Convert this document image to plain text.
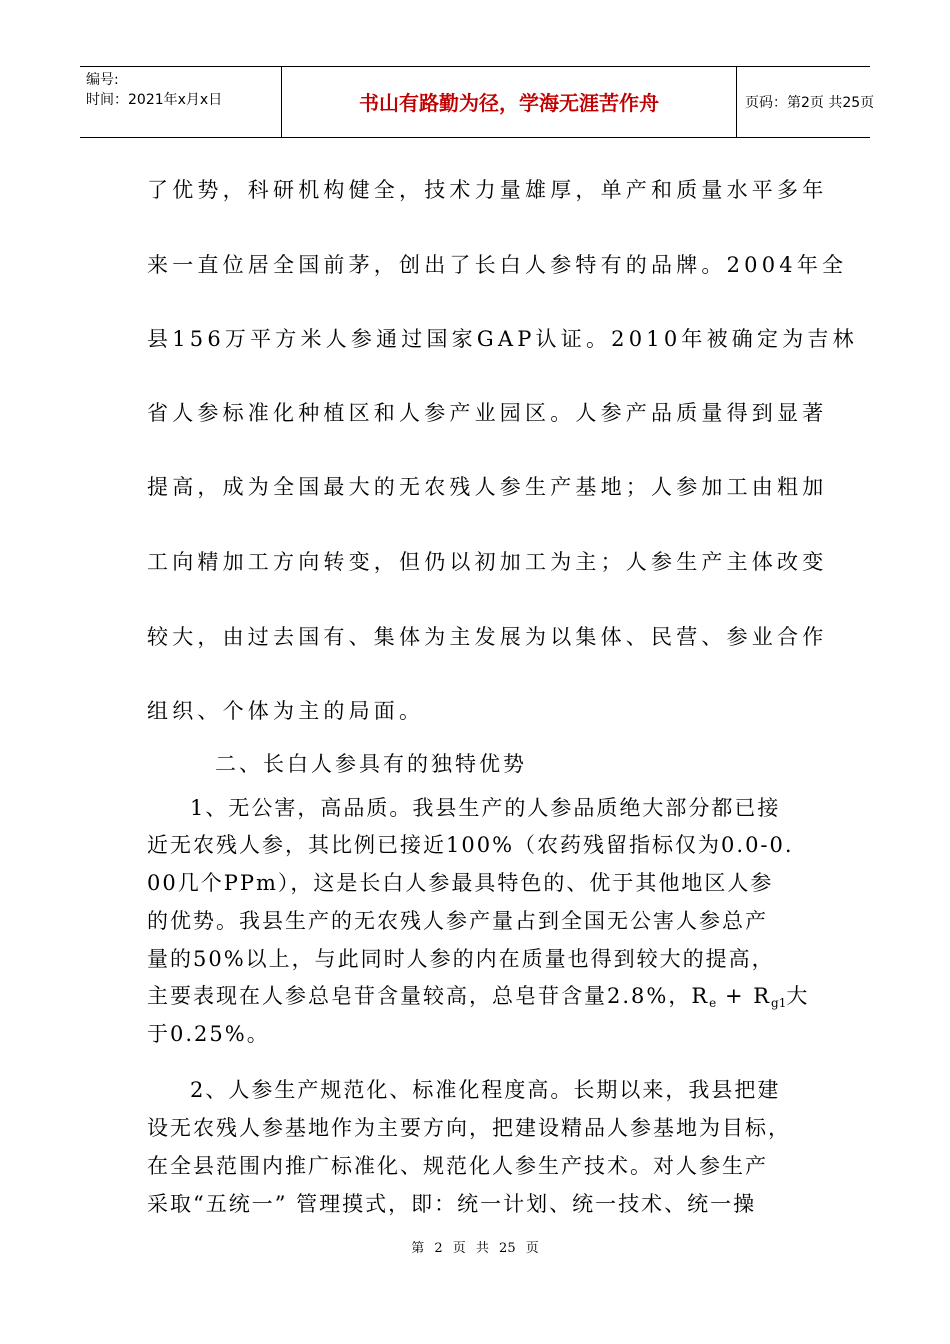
编号:
时间：2021年x月x日	书山有路勤为径，学海无涯苦作舟	页码：第2页 共25页
了优势，科研机构健全，技术力量雄厚，单产和质量水平多年
来一直位居全国前茅，创出了长白人参特有的品牌。2004年全
县156万平方米人参通过国家GAP认证。2010年被确定为吉林
省人参标准化种植区和人参产业园区。人参产品质量得到显著
提高，成为全国最大的无农残人参生产基地；人参加工由粗加
工向精加工方向转变，但仍以初加工为主；人参生产主体改变
较大，由过去国有、集体为主发展为以集体、民营、参业合作
组织、个体为主的局面。
二、长白人参具有的独特优势
1、无公害，高品质。我县生产的人参品质绝大部分都已接
近无农残人参，其比例已接近100%（农药残留指标仅为0.0-0.
00几个PPm），这是长白人参最具特色的、优于其他地区人参
的优势。我县生产的无农残人参产量占到全国无公害人参总产
量的50%以上，与此同时人参的内在质量也得到较大的提高，
主要表现在人参总皂苷含量较高，总皂苷含量2.8%，$R_e + R_{g1}$大
于0.25%。
2、人参生产规范化、标准化程度高。长期以来，我县把建
设无农残人参基地作为主要方向，把建设精品人参基地为目标，
在全县范围内推广标准化、规范化人参生产技术。对人参生产
采取“五统一” 管理摸式，即：统一计划、统一技术、统一操
第 2 页 共 25 页
